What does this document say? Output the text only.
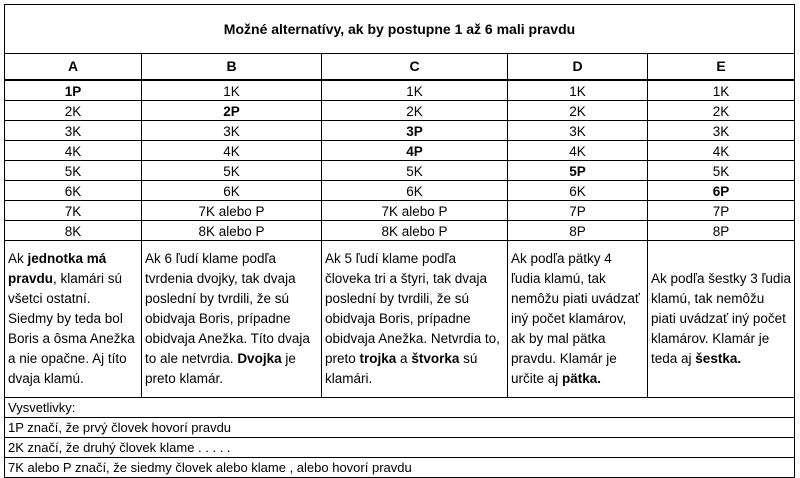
Možné alternatívy, ak by postupne 1 až 6 mali pravdu				
A	B	C	D	E
1P	1K	1K	1K	1K
2K	2P	2K	2K	2K
3K	3K	3P	3K	3K
4K	4K	4P	4K	4K
5K	5K	5K	5P	5K
6K	6K	6K	6K	6P
7K	7K alebo P	7K alebo P	7P	7P
8K	8K alebo P	8K alebo P	8P	8P
Ak jednotka má pravdu, klamári sú všetci ostatní. Siedmy by teda bol Boris a ôsma Anežka a nie opačne. Aj títo dvaja klamú.	Ak 6 ľudí klame podľa tvrdenia dvojky, tak dvaja poslední by tvrdili, že sú obidvaja Boris, prípadne obidvaja Anežka. Títo dvaja to ale netvrdia. Dvojka je preto klamár.	Ak 5 ľudí klame podľa človeka tri a štyri, tak dvaja poslední by tvrdili, že sú obidvaja Boris, prípadne obidvaja Anežka. Netvrdia to, preto trojka a štvorka sú klamári.	Ak podľa pätky 4 ľudia klamú, tak nemôžu piati uvádzať iný počet klamárov, ak by mal pätka pravdu. Klamár je určite aj pätka.	Ak podľa šestky 3 ľudia klamú, tak nemôžu piati uvádzať iný počet klamárov. Klamár je teda aj šestka.
Vysvetlivky:				
1P značí, že prvý človek hovorí pravdu				
2K značí, že druhý človek klame . . . . .				
7K alebo P značí, že siedmy človek alebo klame , alebo hovorí pravdu				
